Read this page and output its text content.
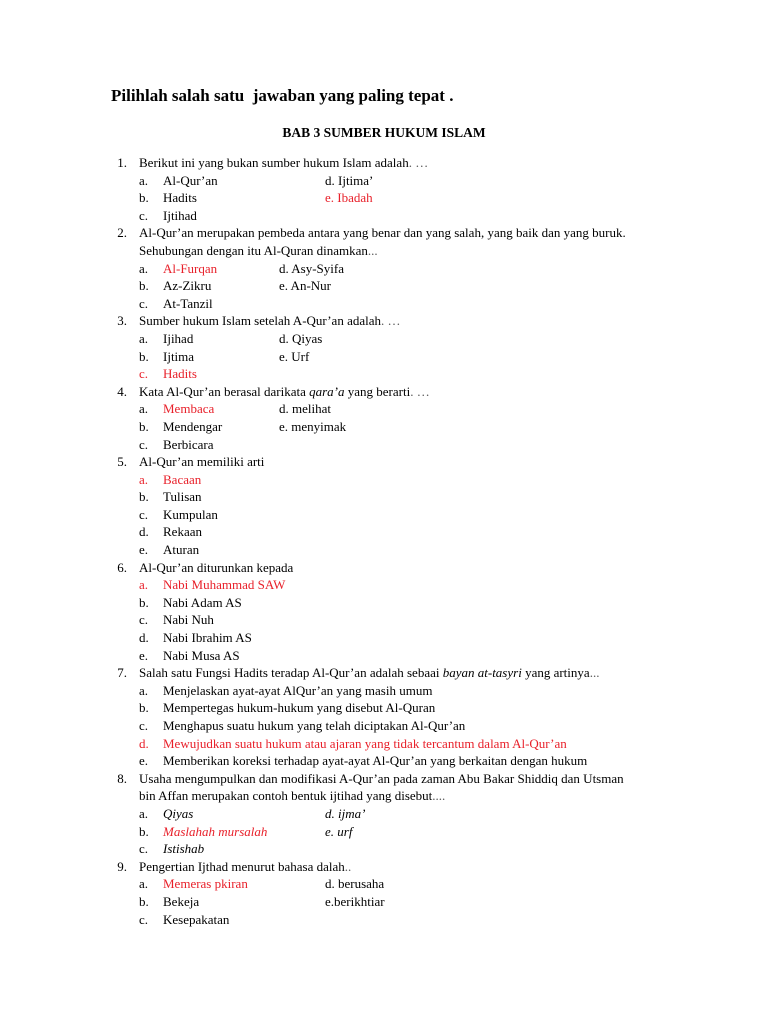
Pilihlah salah satu  jawaban yang paling tepat .
BAB 3 SUMBER HUKUM ISLAM
1. Berikut ini yang bukan sumber hukum Islam adalah. …
a. Al-Qur’an	d. Ijtima’
b. Hadits	e. Ibadah
c. Ijtihad
2. Al-Qur’an merupakan pembeda antara yang benar dan yang salah, yang baik dan yang buruk.
Sehubungan dengan itu Al-Quran dinamkan...
a. Al-Furqan	d. Asy-Syifa
b. Az-Zikru	e. An-Nur
c. At-Tanzil
3. Sumber hukum Islam setelah A-Qur’an adalah. …
a. Ijihad	d. Qiyas
b. Ijtima	e. Urf
c. Hadits
4. Kata Al-Qur’an berasal darikata qara’a yang berarti. …
a. Membaca	d. melihat
b. Mendengar	e. menyimak
c. Berbicara
5. Al-Qur’an memiliki arti
a. Bacaan
b. Tulisan
c. Kumpulan
d. Rekaan
e. Aturan
6. Al-Qur’an diturunkan kepada
a. Nabi Muhammad SAW
b. Nabi Adam AS
c. Nabi Nuh
d. Nabi Ibrahim AS
e. Nabi Musa AS
7. Salah satu Fungsi Hadits teradap Al-Qur’an adalah sebaai bayan at-tasyri yang artinya...
a. Menjelaskan ayat-ayat AlQur’an yang masih umum
b. Mempertegas hukum-hukum yang disebut Al-Quran
c. Menghapus suatu hukum yang telah diciptakan Al-Qur’an
d. Mewujudkan suatu hukum atau ajaran yang tidak tercantum dalam Al-Qur’an
e. Memberikan koreksi terhadap ayat-ayat Al-Qur’an yang berkaitan dengan hukum
8. Usaha mengumpulkan dan modifikasi A-Qur’an pada zaman Abu Bakar Shiddiq dan Utsman
bin Affan merupakan contoh bentuk ijtihad yang disebut....
a. Qiyas	d. ijma’
b. Maslahah mursalah	e. urf
c. Istishab
9. Pengertian Ijthad menurut bahasa dalah..
a. Memeras pkiran	d. berusaha
b. Bekeja	e.berikhtiar
c. Kesepakatan
